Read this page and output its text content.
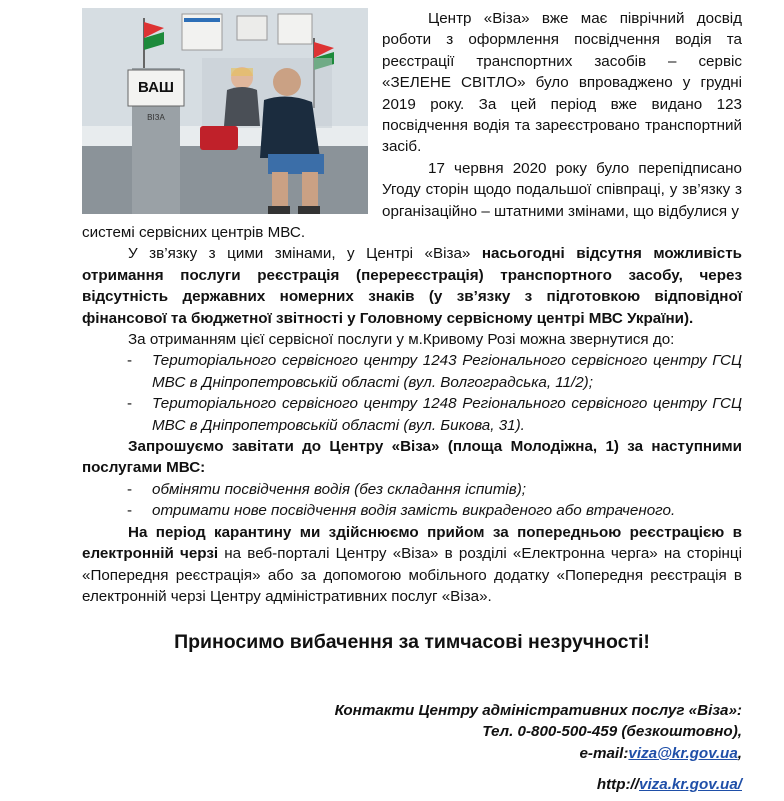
ВАШ
ВІЗА

Центр «Віза» вже має піврічний досвід роботи з оформлення посвідчення водія та реєстрації транспортних засобів – сервіс «ЗЕЛЕНЕ СВІТЛО» було впроваджено у грудні 2019 року. За цей період вже видано 123 посвідчення водія та зареєстровано транспортний засіб.

17 червня 2020 року було перепідписано Угоду сторін щодо подальшої співпраці, у зв’язку з організаційно – штатними змінами, що відбулися у

системі сервісних центрів МВС.

У зв’язку з цими змінами, у Центрі «Віза» насьогодні відсутня можливість отримання послуги реєстрація (перереєстрація) транспортного засобу, через відсутність державних номерних знаків (у зв’язку з підготовкою відповідної фінансової та бюджетної звітності у Головному сервісному центрі МВС України).

За отриманням цієї сервісної послуги у м.Кривому Розі можна звернутися до:

- Територіального сервісного центру 1243 Регіонального сервісного центру ГСЦ МВС в Дніпропетровській області (вул. Волгоградська, 11/2);
- Територіального сервісного центру 1248 Регіонального сервісного центру ГСЦ МВС в Дніпропетровській області (вул. Бикова, 31).

Запрошуємо завітати до Центру «Віза» (площа Молодіжна, 1) за наступними послугами МВС:

- обміняти посвідчення водія (без складання іспитів);
- отримати нове посвідчення водія замість викрадeного або втраченого.

На період карантину ми здійснюємо прийом за попередньою реєстрацією в електронній черзі на веб-порталі Центру «Віза» в розділі «Електронна черга» на сторінці «Попередня реєстрація» або за допомогою мобільного додатку «Попередня реєстрація в електронній черзі Центру адміністративних послуг «Віза».

Приносимо вибачення за тимчасові незручності!

Контакти Центру адміністративних послуг «Віза»:

Тел. 0-800-500-459 (безкоштовно),

e-mail:viza@kr.gov.ua,

http://viza.kr.gov.ua/
